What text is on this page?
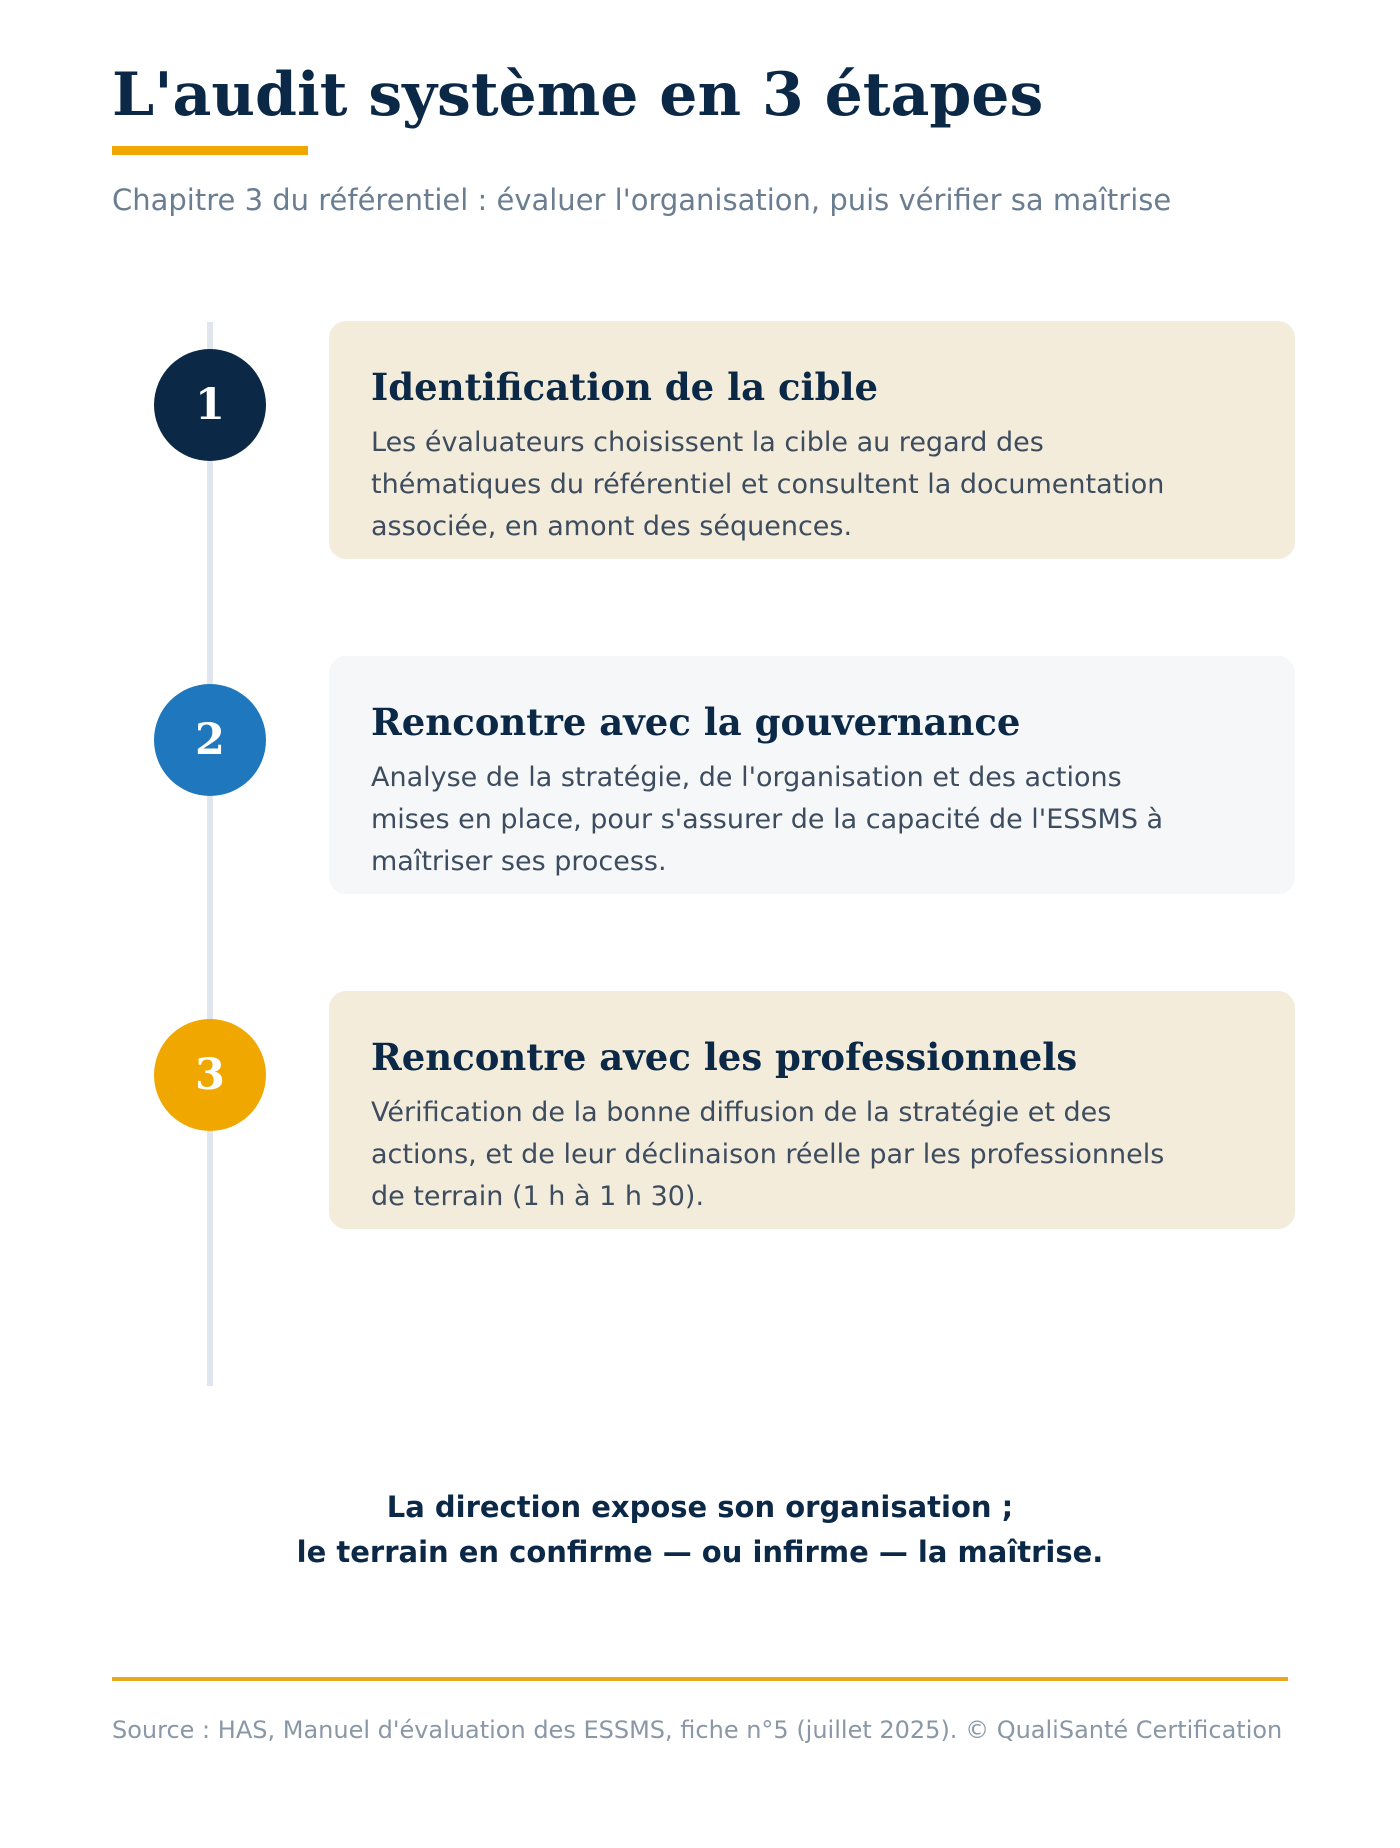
L'audit système en 3 étapes
Chapitre 3 du référentiel : évaluer l'organisation, puis vérifier sa maîtrise
1	Identification de la cible
Les évaluateurs choisissent la cible au regard des thématiques du référentiel et consultent la documentation associée, en amont des séquences.
2	Rencontre avec la gouvernance
Analyse de la stratégie, de l'organisation et des actions mises en place, pour s'assurer de la capacité de l'ESSMS à maîtriser ses process.
3	Rencontre avec les professionnels
Vérification de la bonne diffusion de la stratégie et des actions, et de leur déclinaison réelle par les professionnels de terrain (1 h à 1 h 30).
La direction expose son organisation ;
le terrain en confirme — ou infirme — la maîtrise.
Source : HAS, Manuel d'évaluation des ESSMS, fiche n°5 (juillet 2025). © QualiSanté Certification
